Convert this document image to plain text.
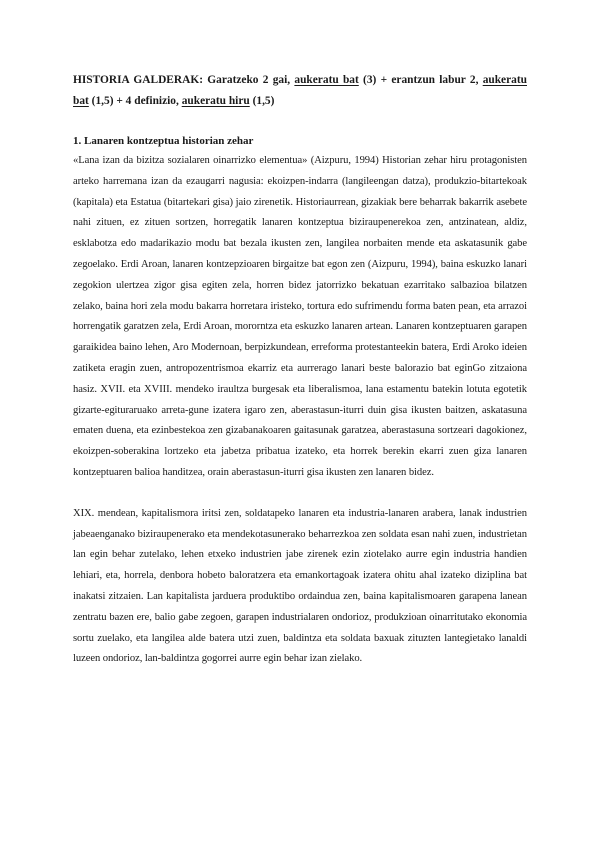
HISTORIA GALDERAK: Garatzeko 2 gai, aukeratu bat (3) + erantzun labur 2, aukeratu bat (1,5) + 4 definizio, aukeratu hiru (1,5)

1. Lanaren kontzeptua historian zehar

«Lana izan da bizitza sozialaren oinarrizko elementua» (Aizpuru, 1994) Historian zehar hiru protagonisten arteko harremana izan da ezaugarri nagusia: ekoizpen-indarra (langileengan datza), produkzio-bitartekoak (kapitala) eta Estatua (bitartekari gisa) jaio zirenetik. Historiaurrean, gizakiak bere beharrak bakarrik asebete nahi zituen, ez zituen sortzen, horregatik lanaren kontzeptua biziraupenerekoa zen, antzinatean, aldiz, esklabotza edo madarikazio modu bat bezala ikusten zen, langilea norbaiten mende eta askatasunik gabe zegoelako. Erdi Aroan, lanaren kontzepzioaren birgaitze bat egon zen (Aizpuru, 1994), baina eskuzko lanari zegokion ulertzea zigor gisa egiten zela, horren bidez jatorrizko bekatuan ezarritako salbazioa bilatzen zelako, baina hori zela modu bakarra horretara iristeko, tortura edo sufrimendu forma baten pean, eta arrazoi horrengatik garatzen zela, Erdi Aroan, mororntza eta eskuzko lanaren artean. Lanaren kontzeptuaren garapen garaikidea baino lehen, Aro Modernoan, berpizkundean, erreforma protestanteekin batera, Erdi Aroko ideien zatiketa eragin zuen, antropozentrismoa ekarriz eta aurrerago lanari beste balorazio bat eginGo zitzaiona hasiz. XVII. eta XVIII. mendeko iraultza burgesak eta liberalismoa, lana estamentu batekin lotuta egotetik gizarte-egituraruako arreta-gune izatera igaro zen, aberastasun-iturri duin gisa ikusten baitzen, askatasuna ematen duena, eta ezinbestekoa zen gizabanakoaren gaitasunak garatzea, aberastasuna sortzeari dagokionez, ekoizpen-soberakina lortzeko eta jabetza pribatua izateko, eta horrek berekin ekarri zuen giza lanaren kontzeptuaren balioa handitzea, orain aberastasun-iturri gisa ikusten zen lanaren bidez.

XIX. mendean, kapitalismora iritsi zen, soldatapeko lanaren eta industria-lanaren arabera, lanak industrien jabeaenganako biziraupenerako eta mendekotasunerako beharrezkoa zen soldata esan nahi zuen, industrietan lan egin behar zutelako, lehen etxeko industrien jabe zirenek ezin ziotelako aurre egin industria handien lehiari, eta, horrela, denbora hobeto baloratzera eta emankortagoak izatera ohitu ahal izateko diziplina bat inakatsi zitzaien. Lan kapitalista jarduera produktibo ordaindua zen, baina kapitalismoaren garapena lanean zentratu bazen ere, balio gabe zegoen, garapen industrialaren ondorioz, produkzioan oinarritutako ekonomia sortu zuelako, eta langilea alde batera utzi zuen, baldintza eta soldata baxuak zituzten lantegietako lanaldi luzeen ondorioz, lan-baldintza gogorrei aurre egin behar izan zielako.
